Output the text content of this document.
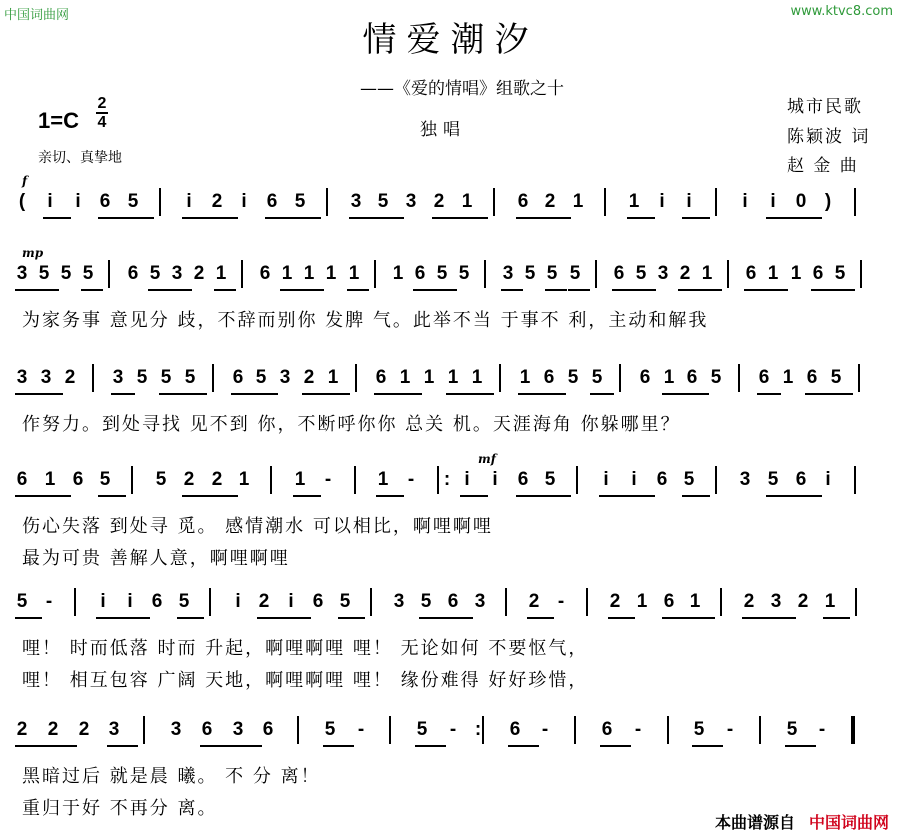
中国词曲网	www.ktvc8.com
情爱潮汐
——《爱的情唱》组歌之十
独唱
城市民歌
陈颖波 词
赵 金 曲
1=C
2
4
亲切、真挚地
f
( i i 6 5	i 2 i 6 5 3 5 3 2 1 6 2 1 1 i i	i i 0 )
mp
3 5 5 5 6 5 3 2 1 6 1 1 1 1 1 6 5 5 3 5 5 5 6 5 3 2 1 6 1 1 6 5
为家务事 意见分 歧，不辞而别你 发脾 气。此举不当 于事不 利，主动和解我
3 3 2 3 5 5 5 6 5 3 2 1 6 1 1 1 1 1 6 5 5 6 1 6 5 6 1 6 5
作努力。到处寻找 见不到 你，不断呼你你 总关 机。天涯海角 你躲哪里？
mf
6 1 6 5 5 2 2 1 1 - 1 - : i i 6 5	i i 6 5 3 5 6 i
伤心失落 到处寻 觅。 感情潮水 可以相比，啊哩啊哩
最为可贵 善解人意，啊哩啊哩
5 -	i i 6 5 i 2 i 6 5 3 5 6 3 2 - 2 1 6 1 2 3 2 1
哩！ 时而低落 时而 升起，啊哩啊哩 哩！ 无论如何 不要怄气，
哩！ 相互包容 广阔 天地，啊哩啊哩 哩！ 缘份难得 好好珍惜，
2 2 2 3	3 6 3 6	5 -	5 - : 6 -	6 -	5 -	5 -
黑暗过后 就是晨 曦。 不 分 离！
重归于好 不再分 离。
本曲谱源自 中国词曲网
